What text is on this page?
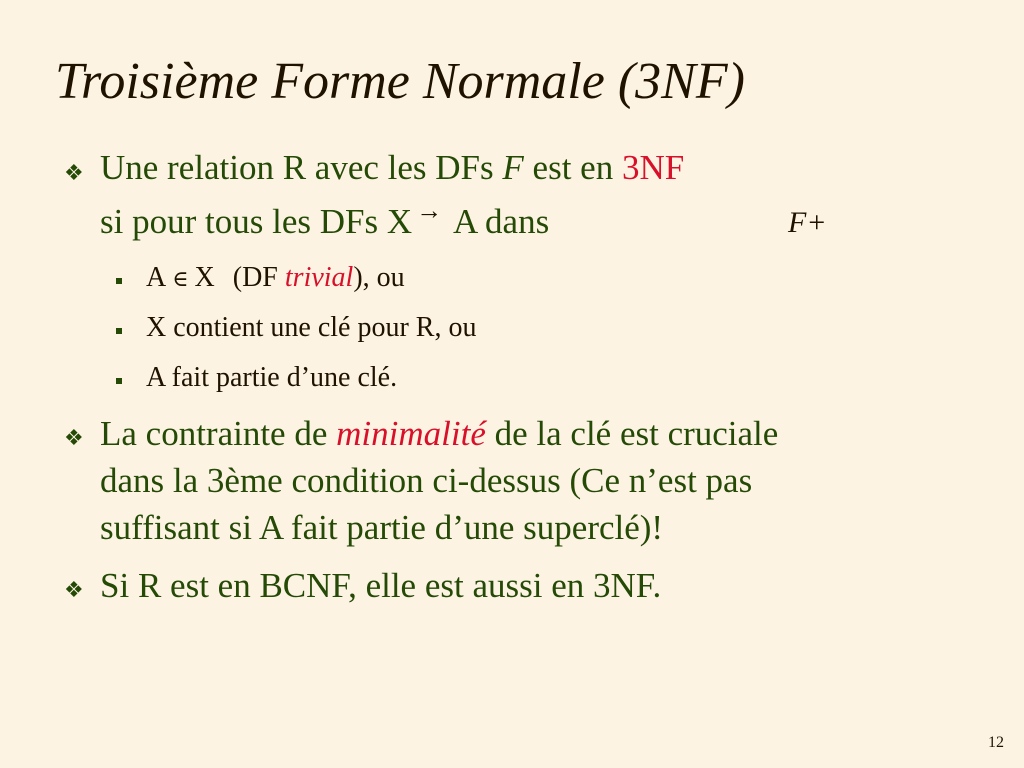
Troisième Forme Normale (3NF)
❖ Une relation R avec les DFs F est en 3NF
si pour tous les DFs X → A dans	F+
A ∈ X (DF trivial), ou
X contient une clé pour R, ou
A fait partie d’une clé.
❖ La contrainte de minimalité de la clé est cruciale
dans la 3ème condition ci-dessus (Ce n’est pas
suffisant si A fait partie d’une superclé)!
❖ Si R est en BCNF, elle est aussi en 3NF.
12
